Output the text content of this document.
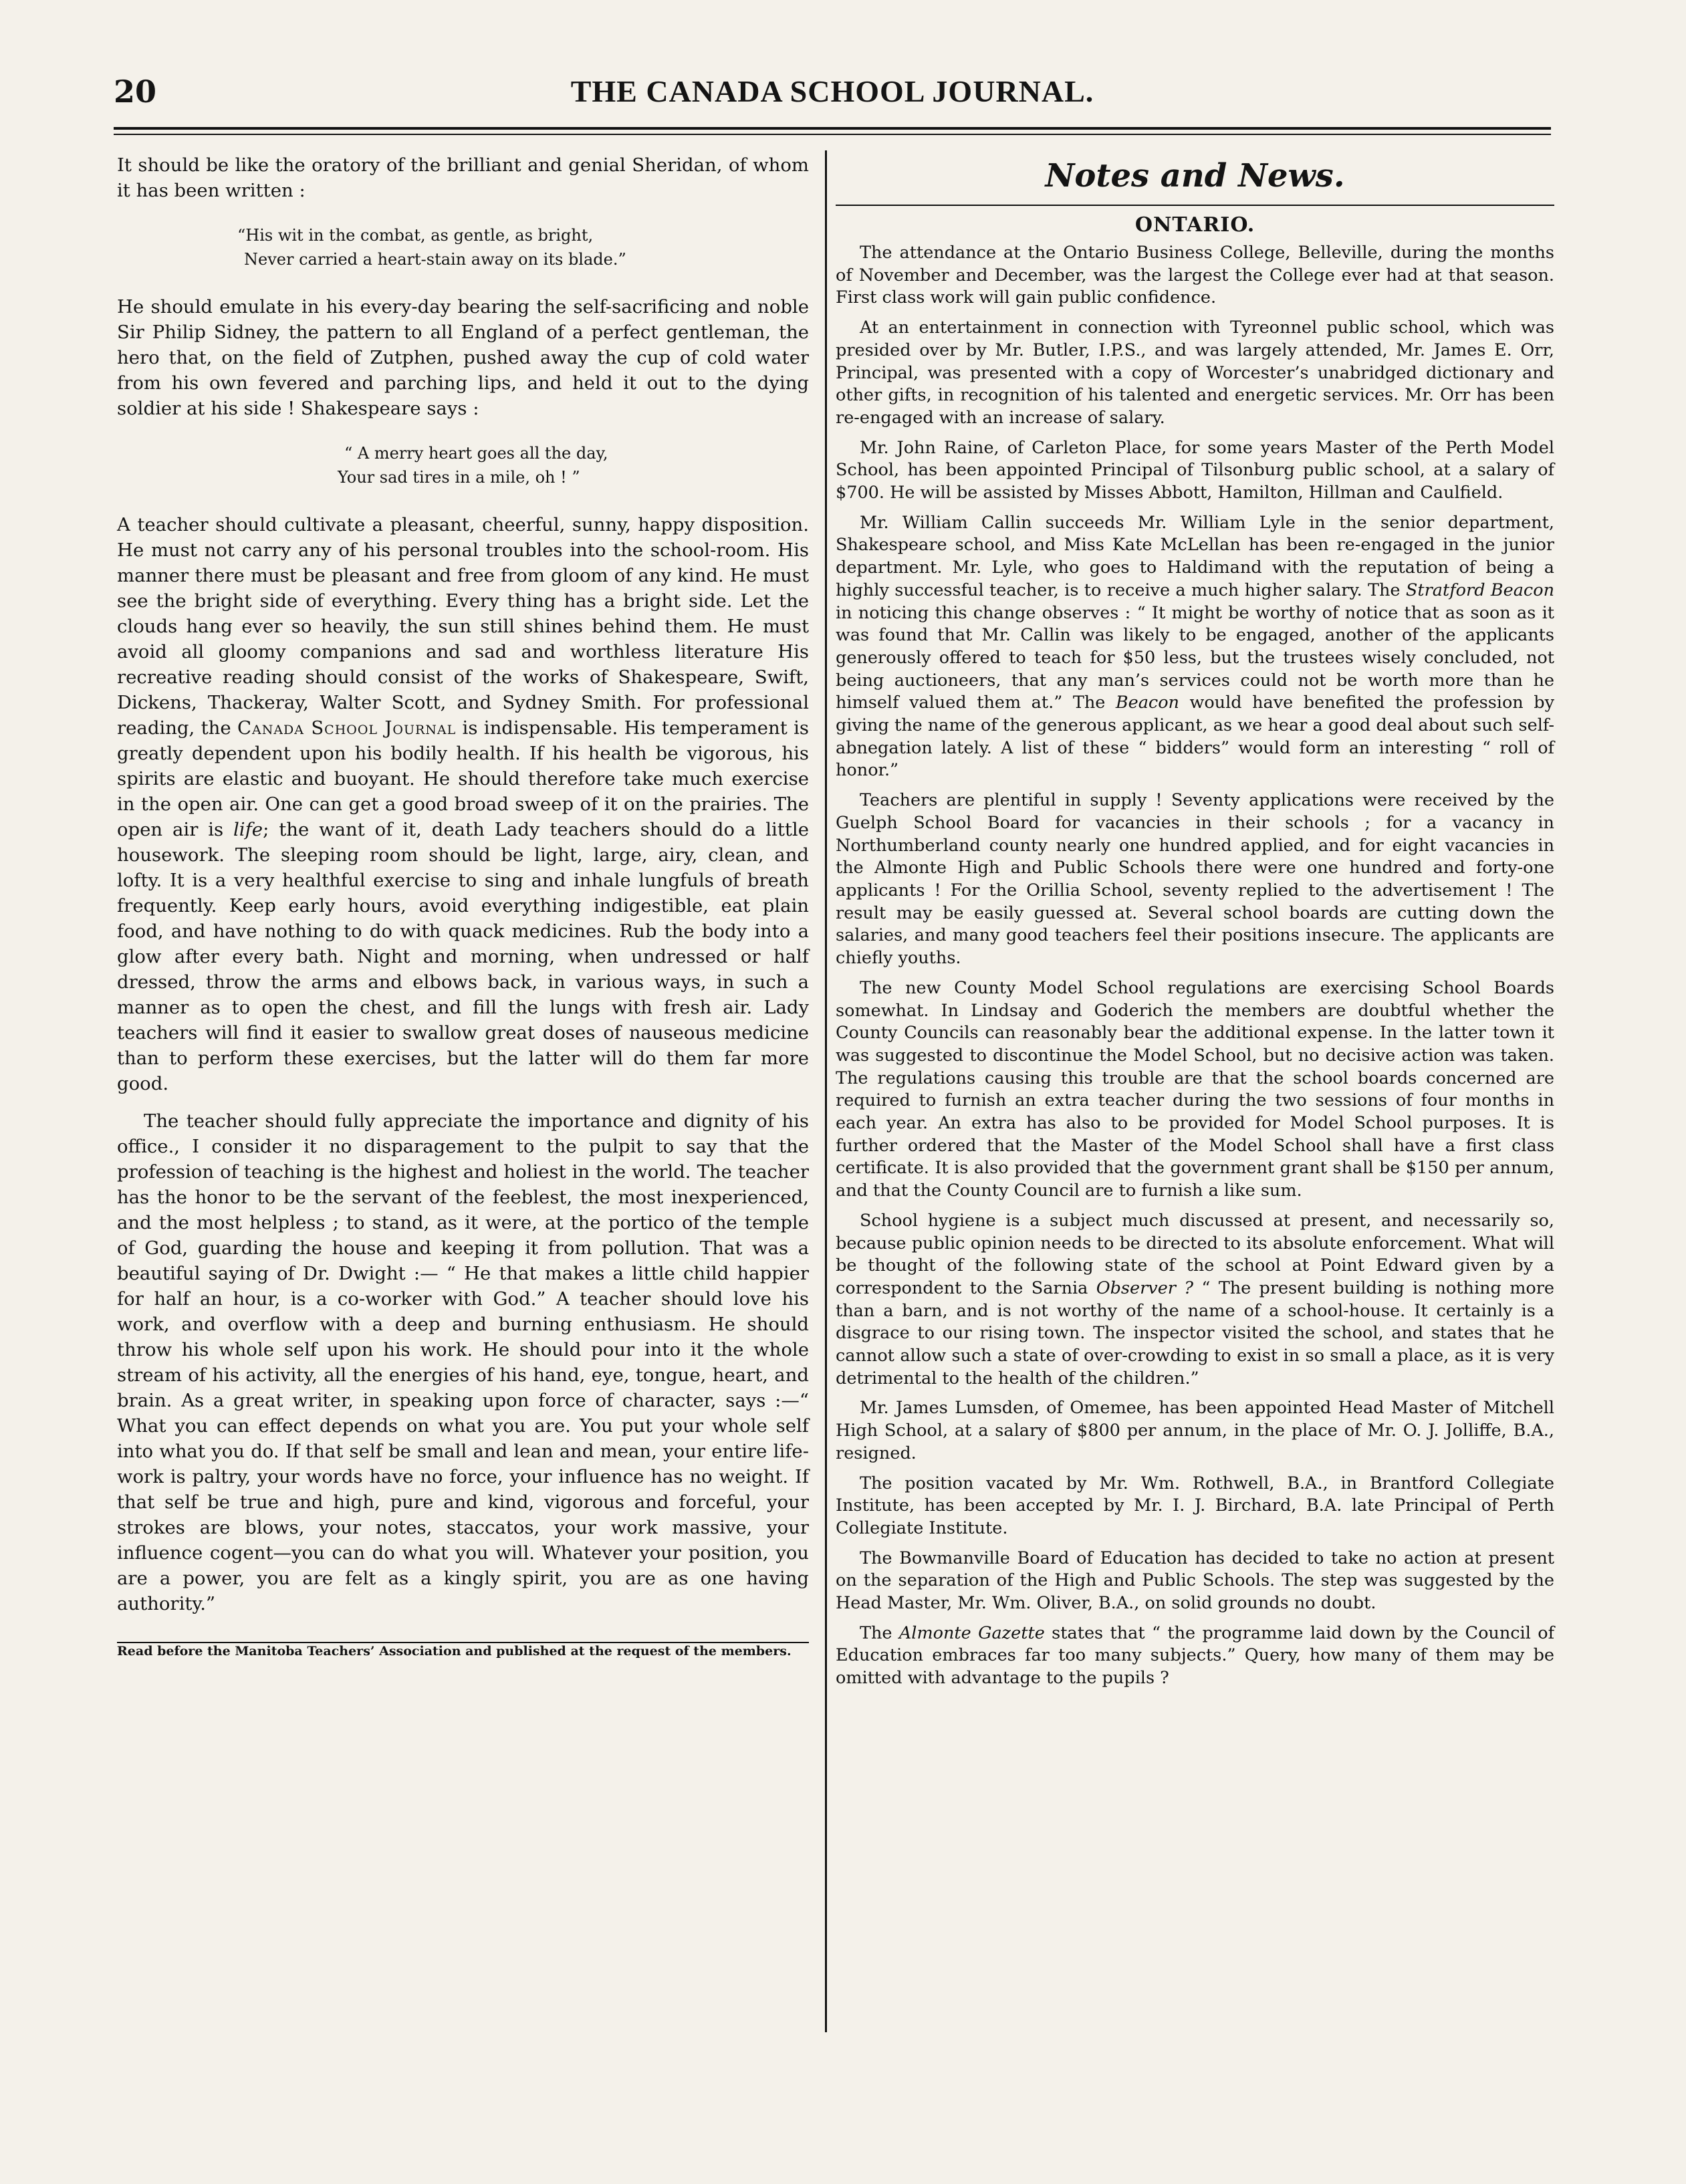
20	THE CANADA SCHOOL JOURNAL.

It should be like the oratory of the brilliant and genial Sheridan, of whom it has been written :

“His wit in the combat, as gentle, as bright,
Never carried a heart-stain away on its blade.”

He should emulate in his every-day bearing the self-sacrificing and noble Sir Philip Sidney, the pattern to all England of a perfect gentleman, the hero that, on the field of Zutphen, pushed away the cup of cold water from his own fevered and parching lips, and held it out to the dying soldier at his side ! Shakespeare says :

“ A merry heart goes all the day,
Your sad tires in a mile, oh ! ”

A teacher should cultivate a pleasant, cheerful, sunny, happy disposition. He must not carry any of his personal troubles into the school-room. His manner there must be pleasant and free from gloom of any kind. He must see the bright side of everything. Every thing has a bright side. Let the clouds hang ever so heavily, the sun still shines behind them. He must avoid all gloomy companions and sad and worthless literature His recreative reading should consist of the works of Shakespeare, Swift, Dickens, Thackeray, Walter Scott, and Sydney Smith. For professional reading, the Canada School Journal is indispensable. His temperament is greatly dependent upon his bodily health. If his health be vigorous, his spirits are elastic and buoyant. He should therefore take much exercise in the open air. One can get a good broad sweep of it on the prairies. The open air is life; the want of it, death Lady teachers should do a little housework. The sleeping room should be light, large, airy, clean, and lofty. It is a very healthful exercise to sing and inhale lungfuls of breath frequently. Keep early hours, avoid everything indigestible, eat plain food, and have nothing to do with quack medicines. Rub the body into a glow after every bath. Night and morning, when undressed or half dressed, throw the arms and elbows back, in various ways, in such a manner as to open the chest, and fill the lungs with fresh air. Lady teachers will find it easier to swallow great doses of nauseous medicine than to perform these exercises, but the latter will do them far more good.

The teacher should fully appreciate the importance and dignity of his office., I consider it no disparagement to the pulpit to say that the profession of teaching is the highest and holiest in the world. The teacher has the honor to be the servant of the feeblest, the most inexperienced, and the most helpless ; to stand, as it were, at the portico of the temple of God, guarding the house and keeping it from pollution. That was a beautiful saying of Dr. Dwight :— “ He that makes a little child happier for half an hour, is a co-worker with God.” A teacher should love his work, and overflow with a deep and burning enthusiasm. He should throw his whole self upon his work. He should pour into it the whole stream of his activity, all the energies of his hand, eye, tongue, heart, and brain. As a great writer, in speaking upon force of character, says :—“ What you can effect depends on what you are. You put your whole self into what you do. If that self be small and lean and mean, your entire life-work is paltry, your words have no force, your influence has no weight. If that self be true and high, pure and kind, vigorous and forceful, your strokes are blows, your notes, staccatos, your work massive, your influence cogent—you can do what you will. Whatever your position, you are a power, you are felt as a kingly spirit, you are as one having authority.”

Read before the Manitoba Teachers’ Association and published at the request of the members.

Notes and News.
ONTARIO.

The attendance at the Ontario Business College, Belleville, during the months of November and December, was the largest the College ever had at that season. First class work will gain public confidence.

At an entertainment in connection with Tyreonnel public school, which was presided over by Mr. Butler, I.P.S., and was largely attended, Mr. James E. Orr, Principal, was presented with a copy of Worcester’s unabridged dictionary and other gifts, in recognition of his talented and energetic services. Mr. Orr has been re-engaged with an increase of salary.

Mr. John Raine, of Carleton Place, for some years Master of the Perth Model School, has been appointed Principal of Tilsonburg public school, at a salary of $700. He will be assisted by Misses Abbott, Hamilton, Hillman and Caulfield.

Mr. William Callin succeeds Mr. William Lyle in the senior department, Shakespeare school, and Miss Kate McLellan has been re-engaged in the junior department. Mr. Lyle, who goes to Haldimand with the reputation of being a highly successful teacher, is to receive a much higher salary. The Stratford Beacon in noticing this change observes : “ It might be worthy of notice that as soon as it was found that Mr. Callin was likely to be engaged, another of the applicants generously offered to teach for $50 less, but the trustees wisely concluded, not being auctioneers, that any man’s services could not be worth more than he himself valued them at.” The Beacon would have benefited the profession by giving the name of the generous applicant, as we hear a good deal about such self-abnegation lately. A list of these “ bidders” would form an interesting “ roll of honor.”

Teachers are plentiful in supply ! Seventy applications were received by the Guelph School Board for vacancies in their schools ; for a vacancy in Northumberland county nearly one hundred applied, and for eight vacancies in the Almonte High and Public Schools there were one hundred and forty-one applicants ! For the Orillia School, seventy replied to the advertisement ! The result may be easily guessed at. Several school boards are cutting down the salaries, and many good teachers feel their positions insecure. The applicants are chiefly youths.

The new County Model School regulations are exercising School Boards somewhat. In Lindsay and Goderich the members are doubtful whether the County Councils can reasonably bear the additional expense. In the latter town it was suggested to discontinue the Model School, but no decisive action was taken. The regulations causing this trouble are that the school boards concerned are required to furnish an extra teacher during the two sessions of four months in each year. An extra has also to be provided for Model School purposes. It is further ordered that the Master of the Model School shall have a first class certificate. It is also provided that the government grant shall be $150 per annum, and that the County Council are to furnish a like sum.

School hygiene is a subject much discussed at present, and necessarily so, because public opinion needs to be directed to its absolute enforcement. What will be thought of the following state of the school at Point Edward given by a correspondent to the Sarnia Observer ? “ The present building is nothing more than a barn, and is not worthy of the name of a school-house. It certainly is a disgrace to our rising town. The inspector visited the school, and states that he cannot allow such a state of over-crowding to exist in so small a place, as it is very detrimental to the health of the children.”

Mr. James Lumsden, of Omemee, has been appointed Head Master of Mitchell High School, at a salary of $800 per annum, in the place of Mr. O. J. Jolliffe, B.A., resigned.

The position vacated by Mr. Wm. Rothwell, B.A., in Brantford Collegiate Institute, has been accepted by Mr. I. J. Birchard, B.A. late Principal of Perth Collegiate Institute.

The Bowmanville Board of Education has decided to take no action at present on the separation of the High and Public Schools. The step was suggested by the Head Master, Mr. Wm. Oliver, B.A., on solid grounds no doubt.

The Almonte Gazette states that “ the programme laid down by the Council of Education embraces far too many subjects.” Query, how many of them may be omitted with advantage to the pupils ?
